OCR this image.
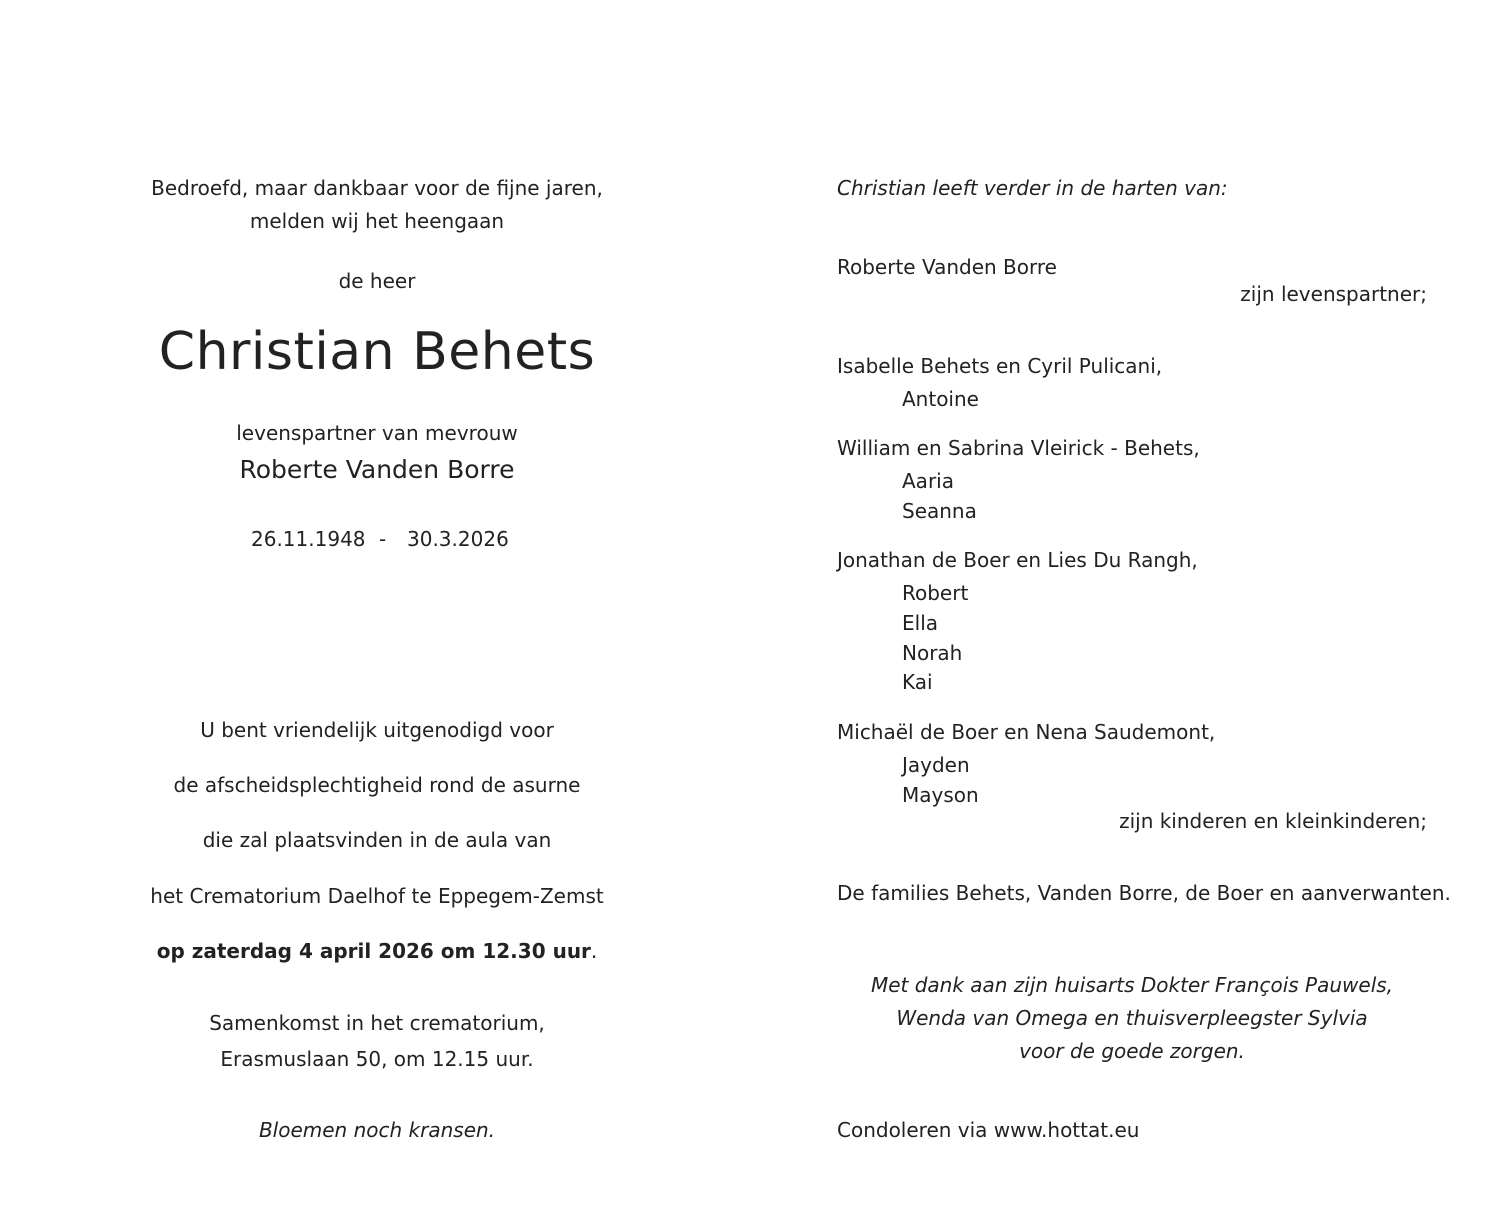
Bedroefd, maar dankbaar voor de fijne jaren,
melden wij het heengaan
de heer
Christian Behets
levenspartner van mevrouw
Roberte Vanden Borre
26.11.1948 - 30.3.2026
U bent vriendelijk uitgenodigd voor
de afscheidsplechtigheid rond de asurne
die zal plaatsvinden in de aula van
het Crematorium Daelhof te Eppegem-Zemst
op zaterdag 4 april 2026 om 12.30 uur.
Samenkomst in het crematorium,
Erasmuslaan 50, om 12.15 uur.
Bloemen noch kransen.
Christian leeft verder in de harten van:
Roberte Vanden Borre
zijn levenspartner;
Isabelle Behets en Cyril Pulicani,
Antoine
William en Sabrina Vleirick - Behets,
Aaria
Seanna
Jonathan de Boer en Lies Du Rangh,
Robert
Ella
Norah
Kai
Michaël de Boer en Nena Saudemont,
Jayden
Mayson
zijn kinderen en kleinkinderen;
De families Behets, Vanden Borre, de Boer en aanverwanten.
Met dank aan zijn huisarts Dokter François Pauwels,
Wenda van Omega en thuisverpleegster Sylvia
voor de goede zorgen.
Condoleren via www.hottat.eu
